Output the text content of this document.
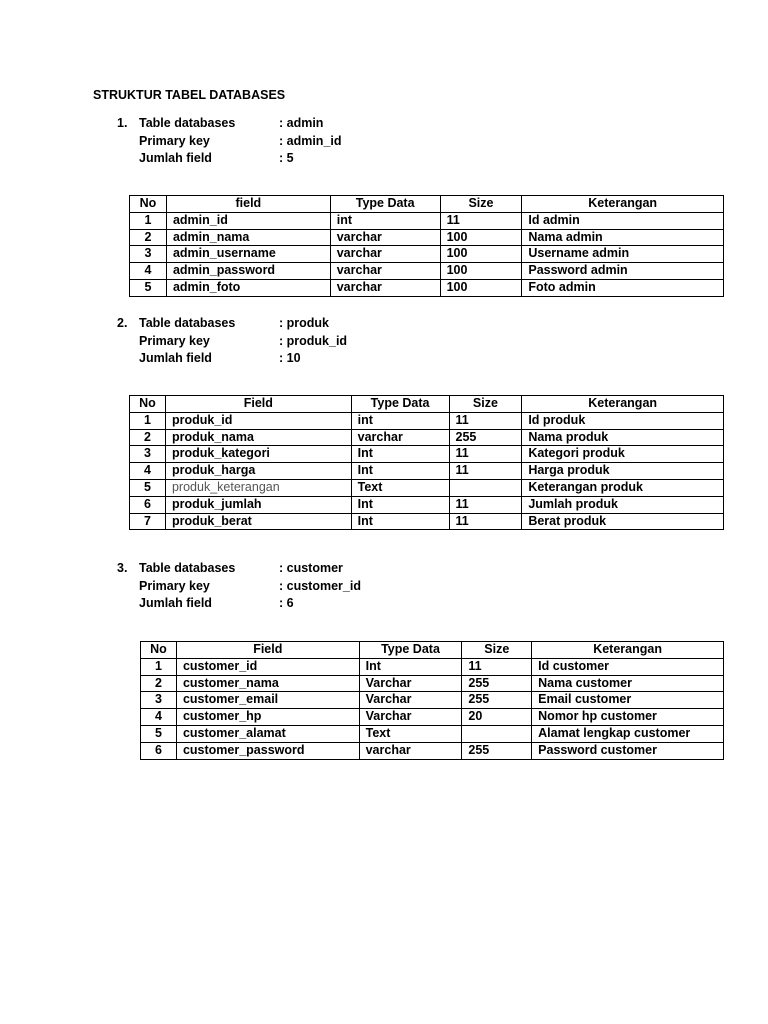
STRUKTUR TABEL DATABASES
1. Table databases	: admin
Primary key	: admin_id
Jumlah field	: 5
No	field	Type Data	Size	Keterangan
1	admin_id	int	11	Id admin
2	admin_nama	varchar	100	Nama admin
3	admin_username	varchar	100	Username admin
4	admin_password	varchar	100	Password admin
5	admin_foto	varchar	100	Foto admin
2. Table databases	: produk
Primary key	: produk_id
Jumlah field	: 10
No	Field	Type Data	Size	Keterangan
1	produk_id	int	11	Id produk
2	produk_nama	varchar	255	Nama produk
3	produk_kategori	Int	11	Kategori produk
4	produk_harga	Int	11	Harga produk
5	produk_keterangan	Text		Keterangan produk
6	produk_jumlah	Int	11	Jumlah produk
7	produk_berat	Int	11	Berat produk
3. Table databases	: customer
Primary key	: customer_id
Jumlah field	: 6
No	Field	Type Data	Size	Keterangan
1	customer_id	Int	11	Id customer
2	customer_nama	Varchar	255	Nama customer
3	customer_email	Varchar	255	Email customer
4	customer_hp	Varchar	20	Nomor hp customer
5	customer_alamat	Text		Alamat lengkap customer
6	customer_password	varchar	255	Password customer
